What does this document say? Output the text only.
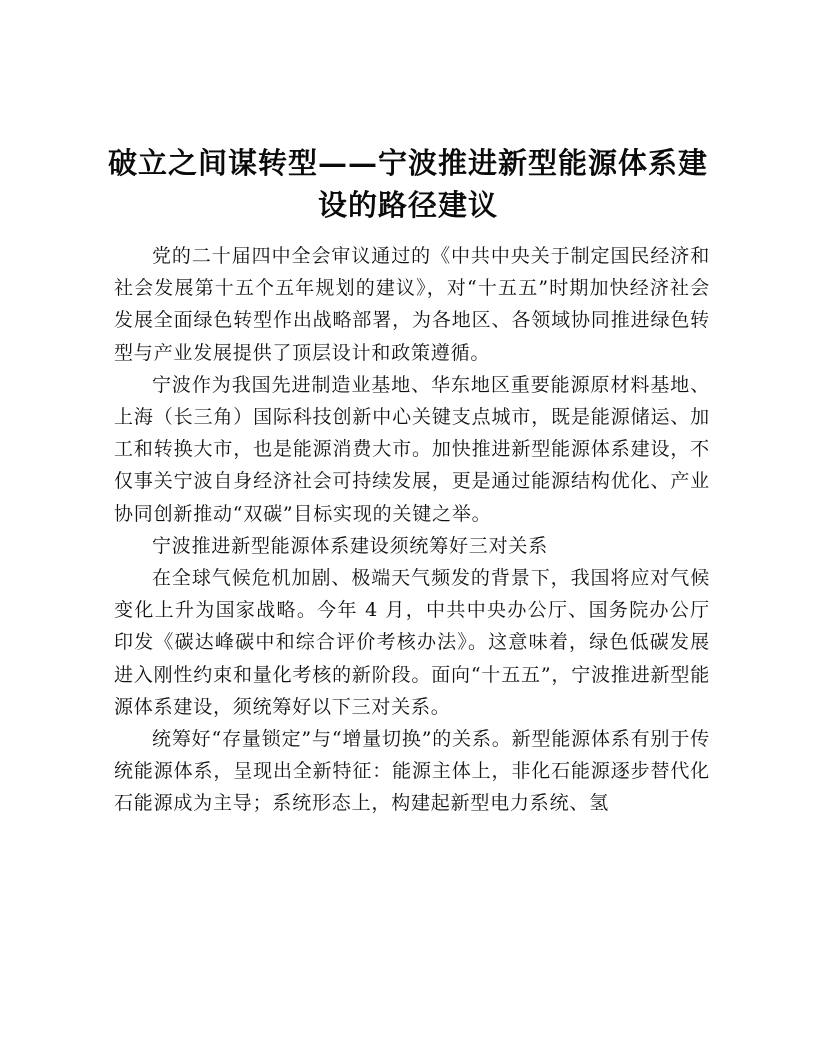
破立之间谋转型——宁波推进新型能源体系建
设的路径建议

党的二十届四中全会审议通过的《中共中央关于制定国民经济和社会发展第十五个五年规划的建议》，对“十五五”时期加快经济社会发展全面绿色转型作出战略部署，为各地区、各领域协同推进绿色转型与产业发展提供了顶层设计和政策遵循。

宁波作为我国先进制造业基地、华东地区重要能源原材料基地、上海（长三角）国际科技创新中心关键支点城市，既是能源储运、加工和转换大市，也是能源消费大市。加快推进新型能源体系建设，不仅事关宁波自身经济社会可持续发展，更是通过能源结构优化、产业协同创新推动“双碳”目标实现的关键之举。

宁波推进新型能源体系建设须统筹好三对关系

在全球气候危机加剧、极端天气频发的背景下，我国将应对气候变化上升为国家战略。今年 4 月，中共中央办公厅、国务院办公厅印发《碳达峰碳中和综合评价考核办法》。这意味着，绿色低碳发展进入刚性约束和量化考核的新阶段。面向“十五五”，宁波推进新型能源体系建设，须统筹好以下三对关系。

统筹好“存量锁定”与“增量切换”的关系。新型能源体系有别于传统能源体系，呈现出全新特征：能源主体上，非化石能源逐步替代化石能源成为主导；系统形态上，构建起新型电力系统、氢
